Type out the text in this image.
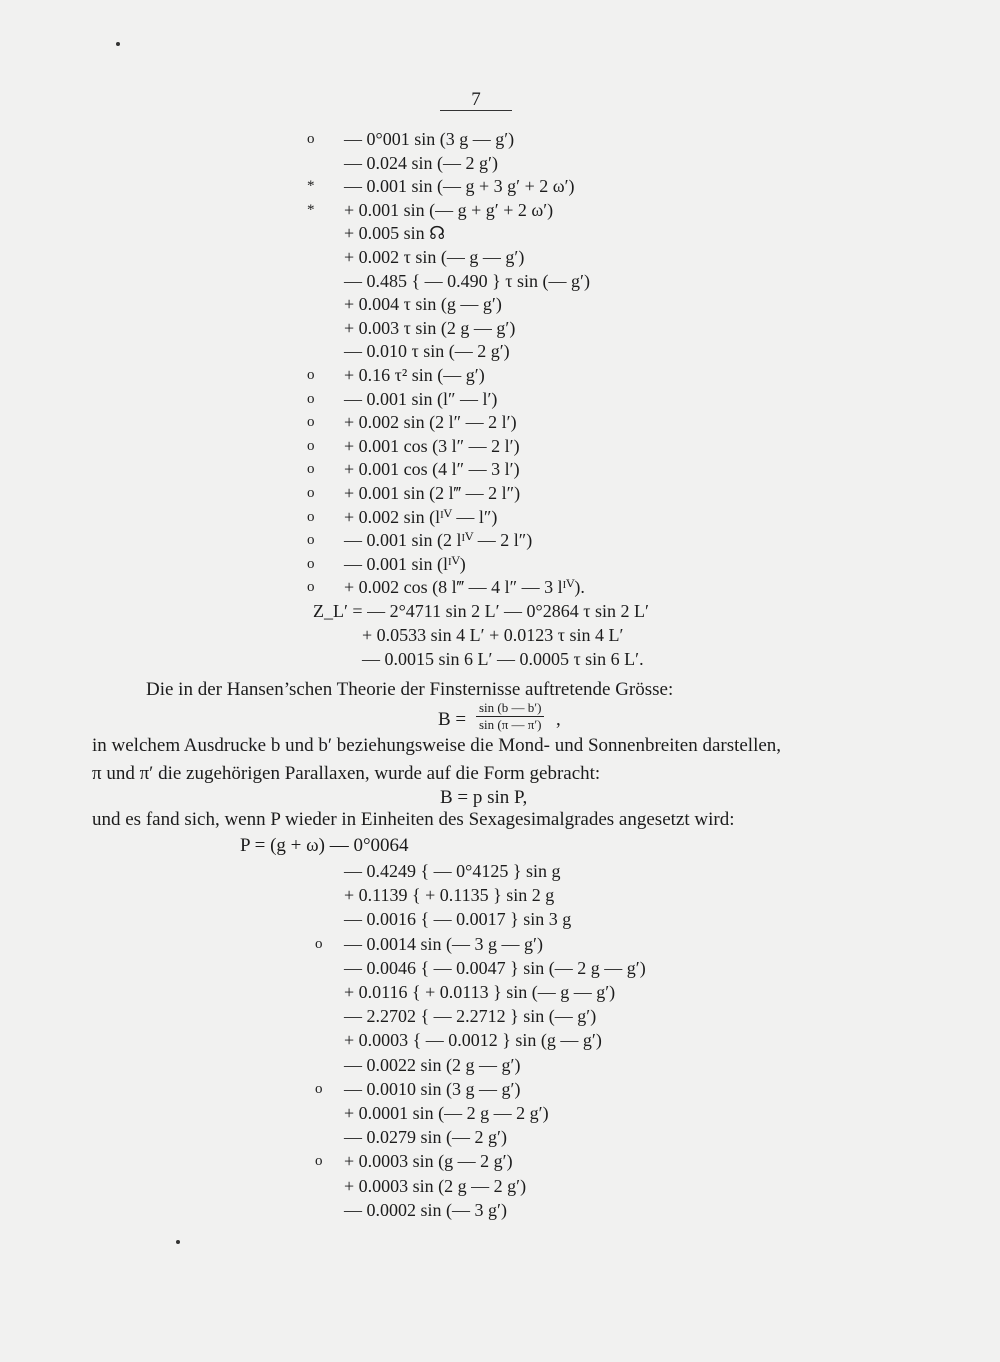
7
o — 0°001 sin (3 g — g′)
— 0.024 sin (— 2 g′)
* — 0.001 sin (— g + 3 g′ + 2 ω′)
* + 0.001 sin (— g + g′ + 2 ω′)
+ 0.005 sin ☊
+ 0.002 τ sin (— g — g′)
— 0.485 { — 0.490 } τ sin (— g′)
+ 0.004 τ sin (g — g′)
+ 0.003 τ sin (2 g — g′)
— 0.010 τ sin (— 2 g′)
o + 0.16 τ² sin (— g′)
o — 0.001 sin (l″ — l′)
o + 0.002 sin (2 l″ — 2 l′)
o + 0.001 cos (3 l″ — 2 l′)
o + 0.001 cos (4 l″ — 3 l′)
o + 0.001 sin (2 l‴ — 2 l″)
o + 0.002 sin (lᴵⱽ — l″)
o — 0.001 sin (2 lᴵⱽ — 2 l″)
o — 0.001 sin (lᴵⱽ)
o + 0.002 cos (8 l‴ — 4 l″ — 3 lᴵⱽ).
Z_L′ = — 2°4711 sin 2 L′ — 0°2864 τ sin 2 L′
+ 0.0533 sin 4 L′ + 0.0123 τ sin 4 L′
— 0.0015 sin 6 L′ — 0.0005 τ sin 6 L′.
Die in der Hansen’schen Theorie der Finsternisse auftretende Grösse:
$B = \frac{\sin (b — b')}{\sin (\pi — \pi')}$ ,
in welchem Ausdrucke b und b′ beziehungsweise die Mond- und Sonnenbreiten darstellen,
π und π′ die zugehörigen Parallaxen, wurde auf die Form gebracht:
B = p sin P,
und es fand sich, wenn P wieder in Einheiten des Sexagesimalgrades angesetzt wird:
P = (g + ω) — 0°0064
— 0.4249 { — 0°4125 } sin g
+ 0.1139 { + 0.1135 } sin 2 g
— 0.0016 { — 0.0017 } sin 3 g
o — 0.0014 sin (— 3 g — g′)
— 0.0046 { — 0.0047 } sin (— 2 g — g′)
+ 0.0116 { + 0.0113 } sin (— g — g′)
— 2.2702 { — 2.2712 } sin (— g′)
+ 0.0003 { — 0.0012 } sin (g — g′)
— 0.0022 sin (2 g — g′)
o — 0.0010 sin (3 g — g′)
+ 0.0001 sin (— 2 g — 2 g′)
— 0.0279 sin (— 2 g′)
o + 0.0003 sin (g — 2 g′)
+ 0.0003 sin (2 g — 2 g′)
— 0.0002 sin (— 3 g′)
